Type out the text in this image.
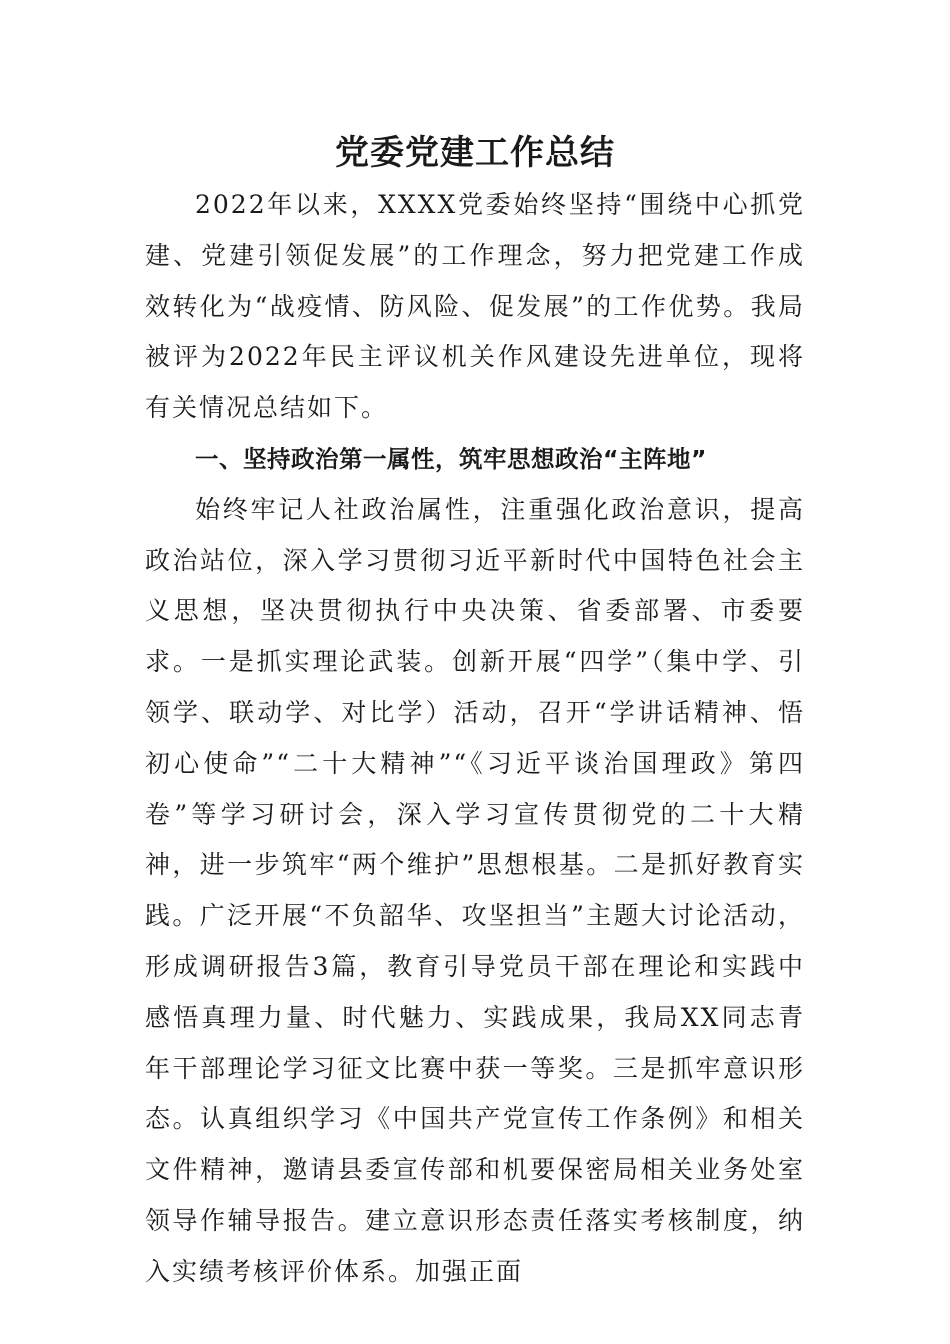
党委党建工作总结

2022年以来，XXXX党委始终坚持“围绕中心抓党建、党建引领促发展”的工作理念，努力把党建工作成效转化为“战疫情、防风险、促发展”的工作优势。我局被评为2022年民主评议机关作风建设先进单位，现将有关情况总结如下。

一、坚持政治第一属性，筑牢思想政治“主阵地”

始终牢记人社政治属性，注重强化政治意识，提高政治站位，深入学习贯彻习近平新时代中国特色社会主义思想，坚决贯彻执行中央决策、省委部署、市委要求。一是抓实理论武装。创新开展“四学”（集中学、引领学、联动学、对比学）活动，召开“学讲话精神、悟初心使命”“二十大精神”“《习近平谈治国理政》第四卷”等学习研讨会，深入学习宣传贯彻党的二十大精神，进一步筑牢“两个维护”思想根基。二是抓好教育实践。广泛开展“不负韶华、攻坚担当”主题大讨论活动，形成调研报告3篇，教育引导党员干部在理论和实践中感悟真理力量、时代魅力、实践成果，我局XX同志青年干部理论学习征文比赛中获一等奖。三是抓牢意识形态。认真组织学习《中国共产党宣传工作条例》和相关文件精神，邀请县委宣传部和机要保密局相关业务处室领导作辅导报告。建立意识形态责任落实考核制度，纳入实绩考核评价体系。加强正面
